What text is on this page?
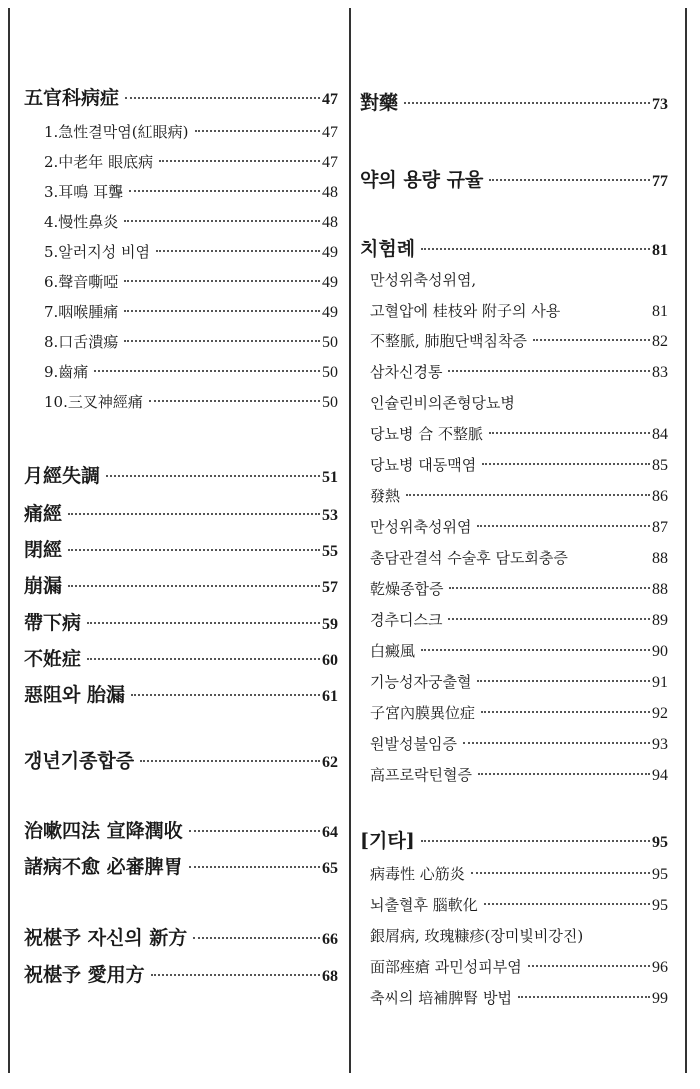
五官科病症	47
1.急性결막염(紅眼病)	47
2.中老年 眼底病	47
3.耳鳴 耳聾	48
4.慢性鼻炎	48
5.알러지성 비염	49
6.聲音嘶啞	49
7.咽喉腫痛	49
8.口舌潰瘍	50
9.齒痛	50
10.三叉神經痛	50
月經失調	51
痛經	53
閉經	55
崩漏	57
帶下病	59
不姙症	60
惡阻와 胎漏	61
갱년기종합증	62
治嗽四法 宣降潤收	64
諸病不愈 必審脾胃	65
祝椹予 자신의 新方	66
祝椹予 愛用方	68
對藥	73
약의 용량 규율	77
치험례	81
만성위축성위염,
고혈압에 桂枝와 附子의 사용	81
不整脈, 肺胞단백침착증	82
삼차신경통	83
인슐린비의존형당뇨병
당뇨병 合 不整脈	84
당뇨병 대동맥염	85
發熱	86
만성위축성위염	87
총담관결석 수술후 담도회충증	88
乾燥종합증	88
경추디스크	89
白癜風	90
기능성자궁출혈	91
子宮內膜異位症	92
원발성불임증	93
高프로락틴혈증	94
[기타]	95
病毒性 心筋炎	95
뇌출혈후 腦軟化	95
銀屑病, 玫瑰糠疹(장미빛비강진)
面部痤瘡 과민성피부염	96
축씨의 培補脾腎 방법	99
